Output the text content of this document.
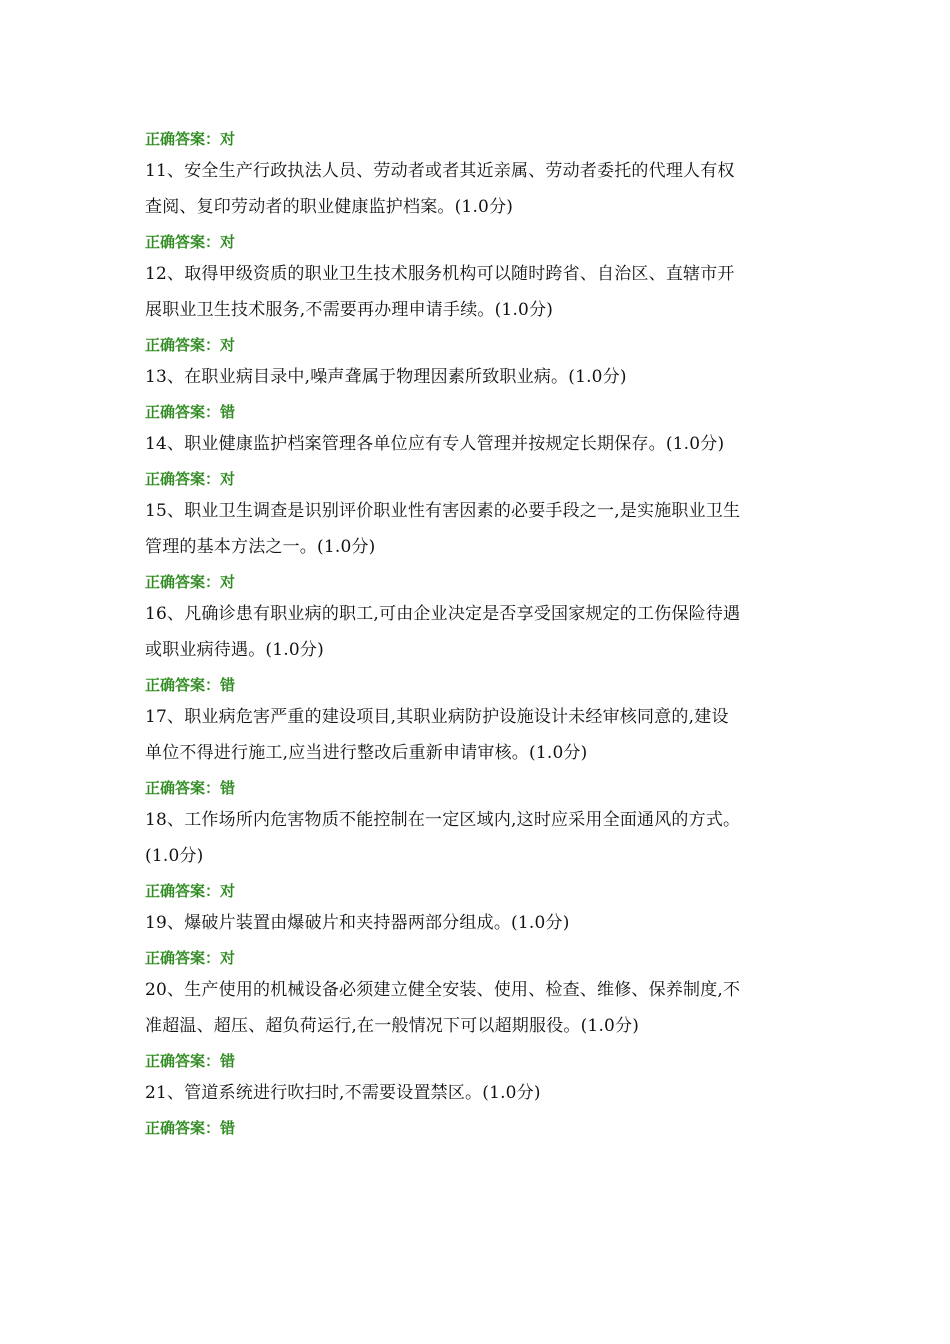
正确答案：对
11、安全生产行政执法人员、劳动者或者其近亲属、劳动者委托的代理人有权
查阅、复印劳动者的职业健康监护档案。(1.0分)
正确答案：对
12、取得甲级资质的职业卫生技术服务机构可以随时跨省、自治区、直辖市开
展职业卫生技术服务,不需要再办理申请手续。(1.0分)
正确答案：对
13、在职业病目录中,噪声聋属于物理因素所致职业病。(1.0分)
正确答案：错
14、职业健康监护档案管理各单位应有专人管理并按规定长期保存。(1.0分)
正确答案：对
15、职业卫生调查是识别评价职业性有害因素的必要手段之一,是实施职业卫生
管理的基本方法之一。(1.0分)
正确答案：对
16、凡确诊患有职业病的职工,可由企业决定是否享受国家规定的工伤保险待遇
或职业病待遇。(1.0分)
正确答案：错
17、职业病危害严重的建设项目,其职业病防护设施设计未经审核同意的,建设
单位不得进行施工,应当进行整改后重新申请审核。(1.0分)
正确答案：错
18、工作场所内危害物质不能控制在一定区域内,这时应采用全面通风的方式。
(1.0分)
正确答案：对
19、爆破片装置由爆破片和夹持器两部分组成。(1.0分)
正确答案：对
20、生产使用的机械设备必须建立健全安装、使用、检查、维修、保养制度,不
准超温、超压、超负荷运行,在一般情况下可以超期服役。(1.0分)
正确答案：错
21、管道系统进行吹扫时,不需要设置禁区。(1.0分)
正确答案：错
